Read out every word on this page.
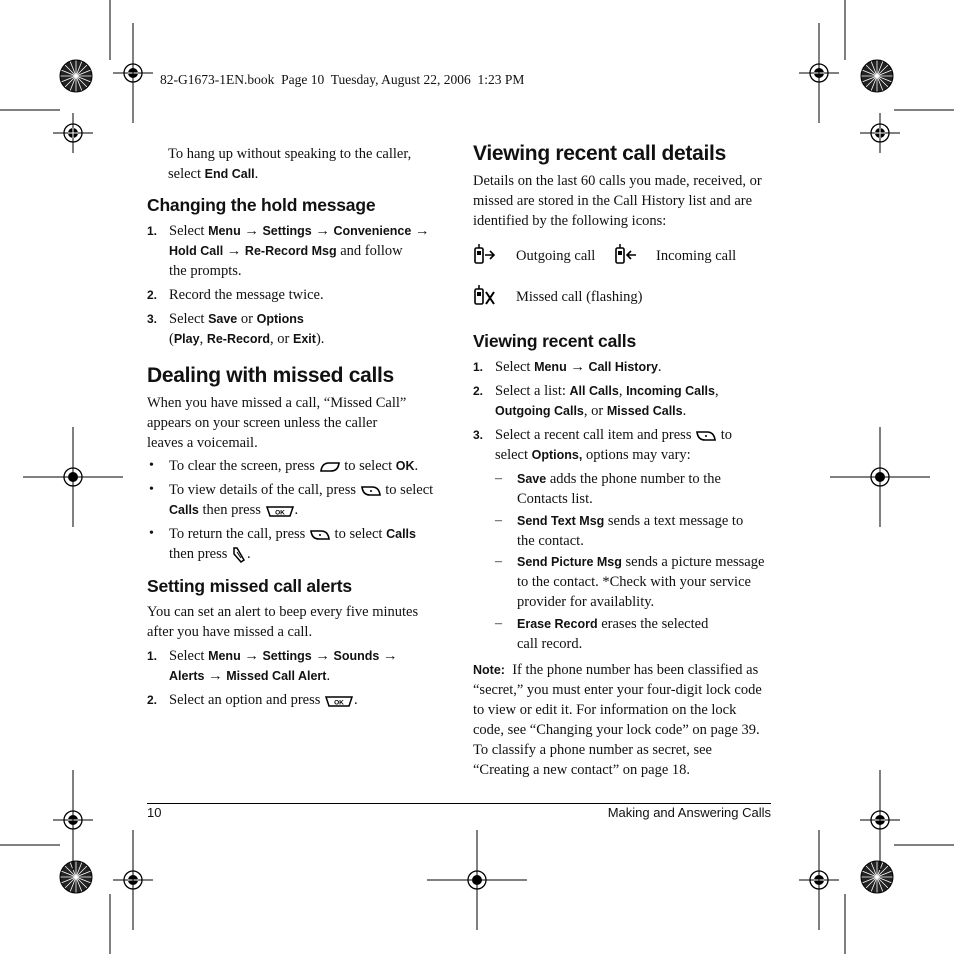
82-G1673-1EN.book  Page 10  Tuesday, August 22, 2006  1:23 PM
To hang up without speaking to the caller,
select End Call.
Changing the hold message
1. Select Menu → Settings → Convenience →
Hold Call → Re-Record Msg and follow
the prompts.
2. Record the message twice.
3. Select Save or Options
(Play, Re-Record, or Exit).
Dealing with missed calls
When you have missed a call, “Missed Call”
appears on your screen unless the caller
leaves a voicemail.
• To clear the screen, press  to select OK.
• To view details of the call, press  to select
Calls then press OK .
• To return the call, press  to select Calls
then press .
Setting missed call alerts
You can set an alert to beep every five minutes
after you have missed a call.
1. Select Menu → Settings → Sounds →
Alerts → Missed Call Alert.
2. Select an option and press OK .
Viewing recent call details
Details on the last 60 calls you made, received, or
missed are stored in the Call History list and are
identified by the following icons:
Outgoing call	Incoming call
Missed call (flashing)
Viewing recent calls
1. Select Menu → Call History.
2. Select a list: All Calls, Incoming Calls,
Outgoing Calls, or Missed Calls.
3. Select a recent call item and press  to
select Options, options may vary:
– Save adds the phone number to the
Contacts list.
– Send Text Msg sends a text message to
the contact.
– Send Picture Msg sends a picture message
to the contact. *Check with your service
provider for availablity.
– Erase Record erases the selected
call record.
Note:  If the phone number has been classified as
“secret,” you must enter your four-digit lock code
to view or edit it. For information on the lock
code, see “Changing your lock code” on page 39.
To classify a phone number as secret, see
“Creating a new contact” on page 18.
10	Making and Answering Calls
